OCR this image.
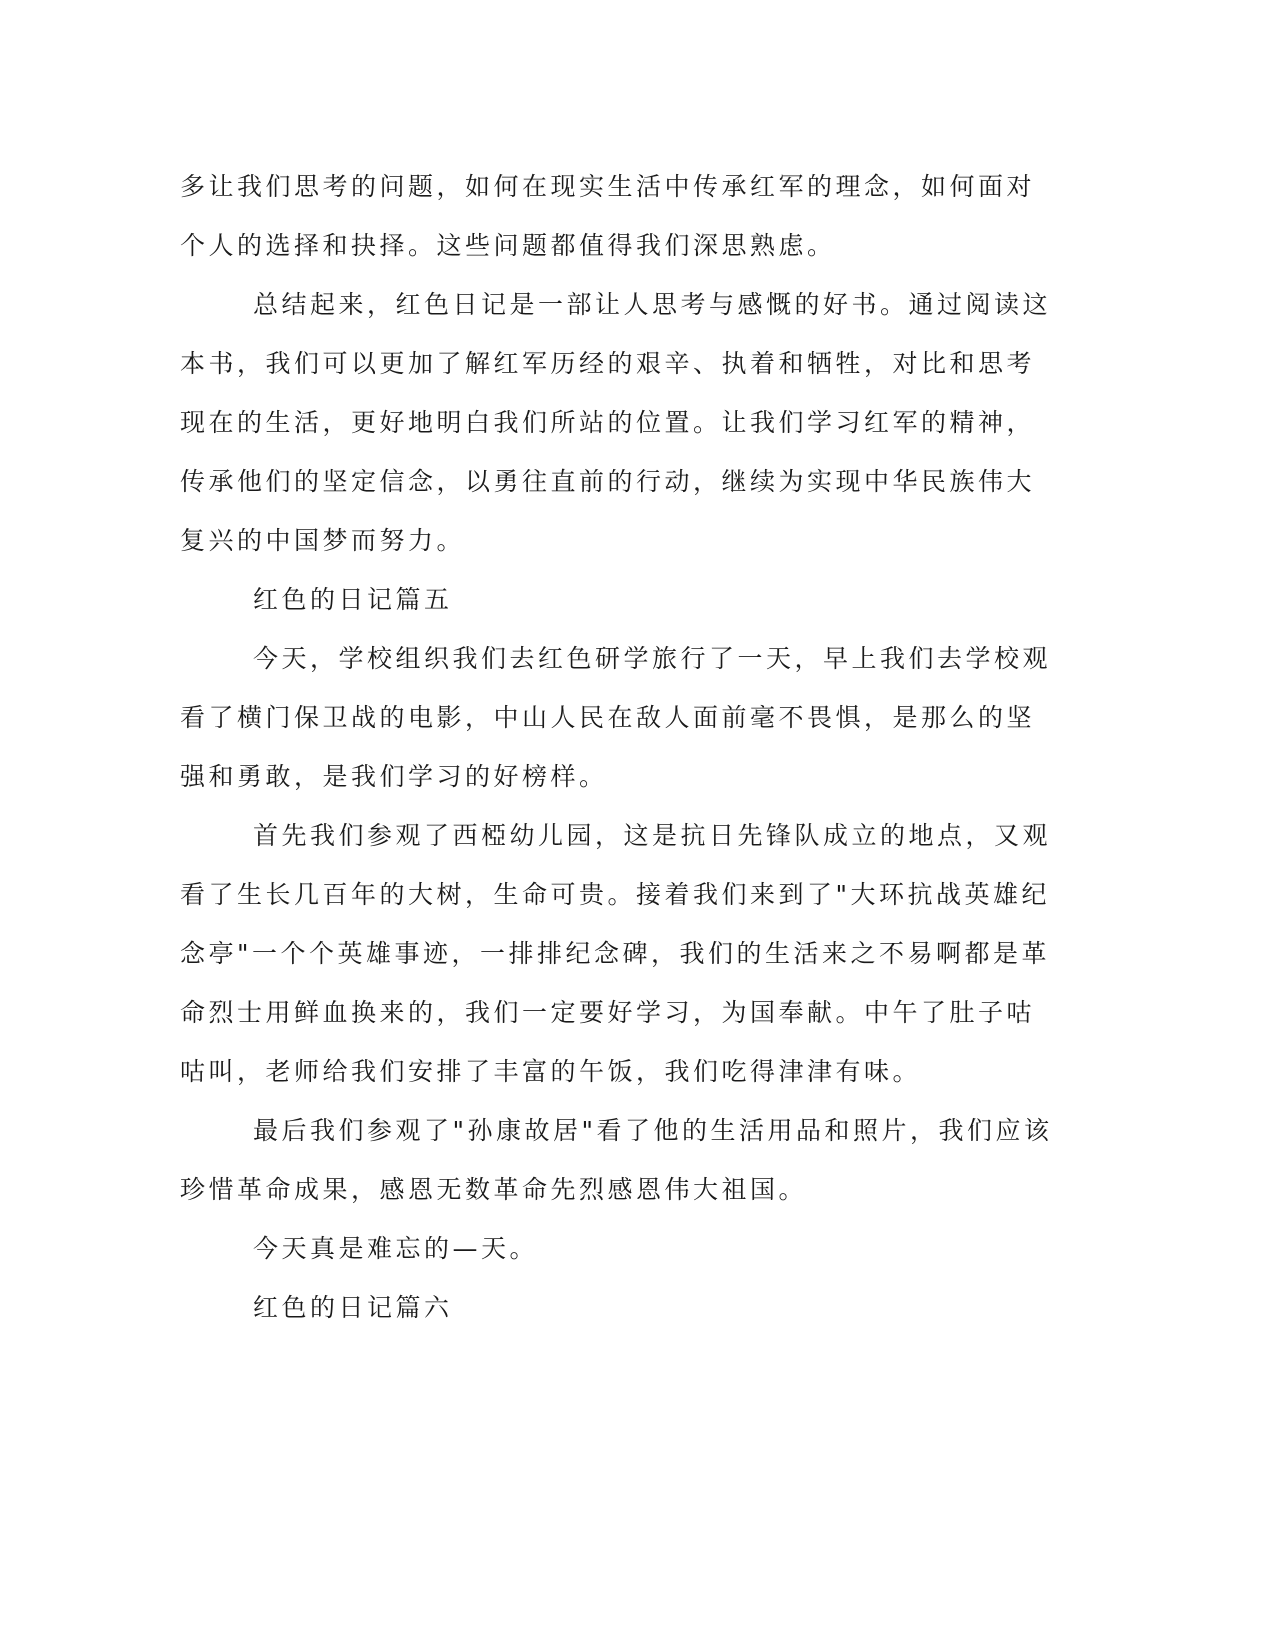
多让我们思考的问题，如何在现实生活中传承红军的理念，如何面对
个人的选择和抉择。这些问题都值得我们深思熟虑。
总结起来，红色日记是一部让人思考与感慨的好书。通过阅读这
本书，我们可以更加了解红军历经的艰辛、执着和牺牲，对比和思考
现在的生活，更好地明白我们所站的位置。让我们学习红军的精神，
传承他们的坚定信念，以勇往直前的行动，继续为实现中华民族伟大
复兴的中国梦而努力。
红色的日记篇五
今天，学校组织我们去红色研学旅行了一天，早上我们去学校观
看了横门保卫战的电影，中山人民在敌人面前毫不畏惧，是那么的坚
强和勇敢，是我们学习的好榜样。
首先我们参观了西椏幼儿园，这是抗日先锋队成立的地点，又观
看了生长几百年的大树，生命可贵。接着我们来到了"大环抗战英雄纪
念亭"一个个英雄事迹，一排排纪念碑，我们的生活来之不易啊都是革
命烈士用鲜血换来的，我们一定要好学习，为国奉献。中午了肚子咕
咕叫，老师给我们安排了丰富的午饭，我们吃得津津有味。
最后我们参观了"孙康故居"看了他的生活用品和照片，我们应该
珍惜革命成果，感恩无数革命先烈感恩伟大祖国。
今天真是难忘的—天。
红色的日记篇六
